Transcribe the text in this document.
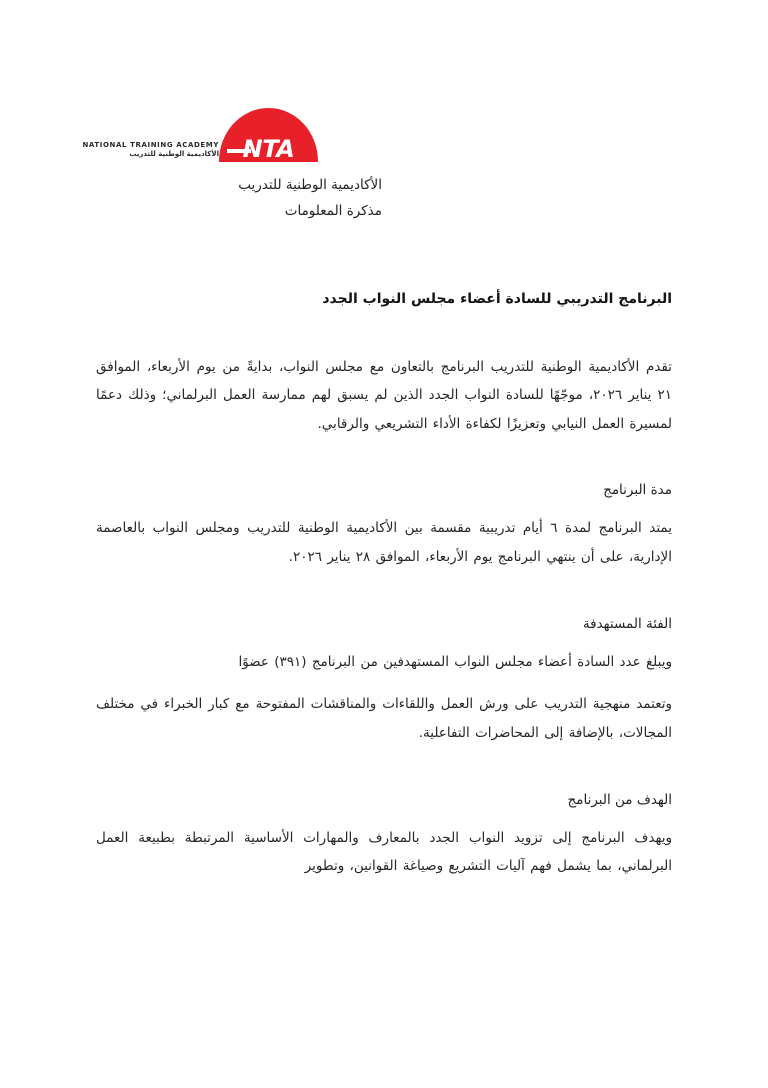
NTA
NATIONAL TRAINING ACADEMY
الأكاديمية الوطنية للتدريب
الأكاديمية الوطنية للتدريب
مذكرة المعلومات
البرنامج التدريبي للسادة أعضاء مجلس النواب الجدد

تقدم الأكاديمية الوطنية للتدريب البرنامج بالتعاون مع مجلس النواب، بدايةً من يوم الأربعاء، الموافق ٢١ يناير ٢٠٢٦، موجّهًا للسادة النواب الجدد الذين لم يسبق لهم ممارسة العمل البرلماني؛ وذلك دعمًا لمسيرة العمل النيابي وتعزيزًا لكفاءة الأداء التشريعي والرقابي.

مدة البرنامج

يمتد البرنامج لمدة ٦ أيام تدريبية مقسمة بين الأكاديمية الوطنية للتدريب ومجلس النواب بالعاصمة الإدارية، على أن ينتهي البرنامج يوم الأربعاء، الموافق ٢٨ يناير ٢٠٢٦.

الفئة المستهدفة

ويبلغ عدد السادة أعضاء مجلس النواب المستهدفين من البرنامج (٣٩١) عضوًا

وتعتمد منهجية التدريب على ورش العمل واللقاءات والمناقشات المفتوحة مع كبار الخبراء في مختلف المجالات، بالإضافة إلى المحاضرات التفاعلية.

الهدف من البرنامج

ويهدف البرنامج إلى تزويد النواب الجدد بالمعارف والمهارات الأساسية المرتبطة بطبيعة العمل البرلماني، بما يشمل فهم آليات التشريع وصياغة القوانين، وتطوير
